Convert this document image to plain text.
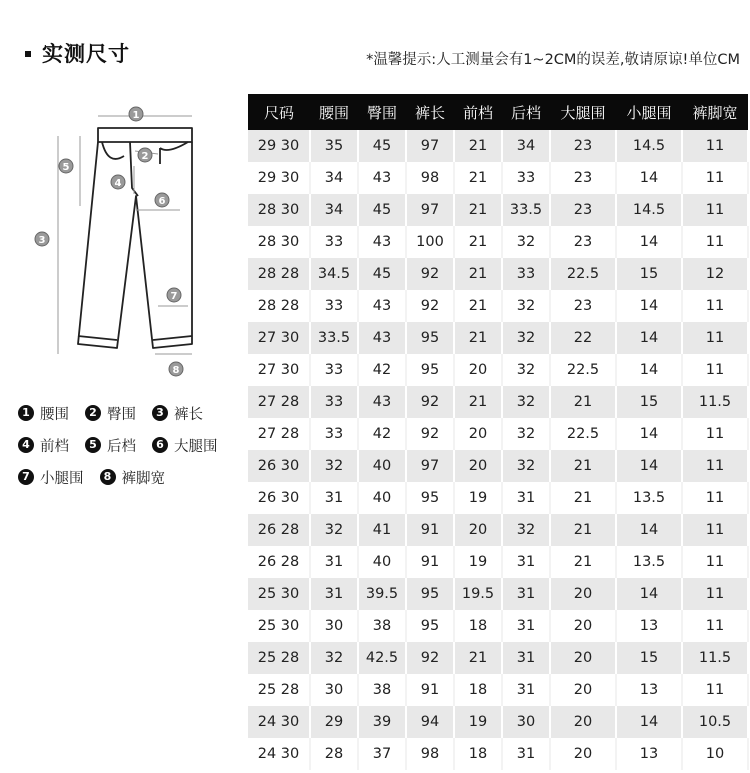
实测尺寸	*温馨提示:人工测量会有1~2CM的误差,敬请原谅!单位CM
1
2
3
4
5
6
7
8
1 腰围	2 臀围	3 裤长
4 前档	5 后档	6 大腿围
7 小腿围	8 裤脚宽
尺码	腰围	臀围	裤长	前档	后档	大腿围	小腿围	裤脚宽
29 30	35	45	97	21	34	23	14.5	11
29 30	34	43	98	21	33	23	14	11
28 30	34	45	97	21	33.5	23	14.5	11
28 30	33	43	100	21	32	23	14	11
28 28	34.5	45	92	21	33	22.5	15	12
28 28	33	43	92	21	32	23	14	11
27 30	33.5	43	95	21	32	22	14	11
27 30	33	42	95	20	32	22.5	14	11
27 28	33	43	92	21	32	21	15	11.5
27 28	33	42	92	20	32	22.5	14	11
26 30	32	40	97	20	32	21	14	11
26 30	31	40	95	19	31	21	13.5	11
26 28	32	41	91	20	32	21	14	11
26 28	31	40	91	19	31	21	13.5	11
25 30	31	39.5	95	19.5	31	20	14	11
25 30	30	38	95	18	31	20	13	11
25 28	32	42.5	92	21	31	20	15	11.5
25 28	30	38	91	18	31	20	13	11
24 30	29	39	94	19	30	20	14	10.5
24 30	28	37	98	18	31	20	13	10
